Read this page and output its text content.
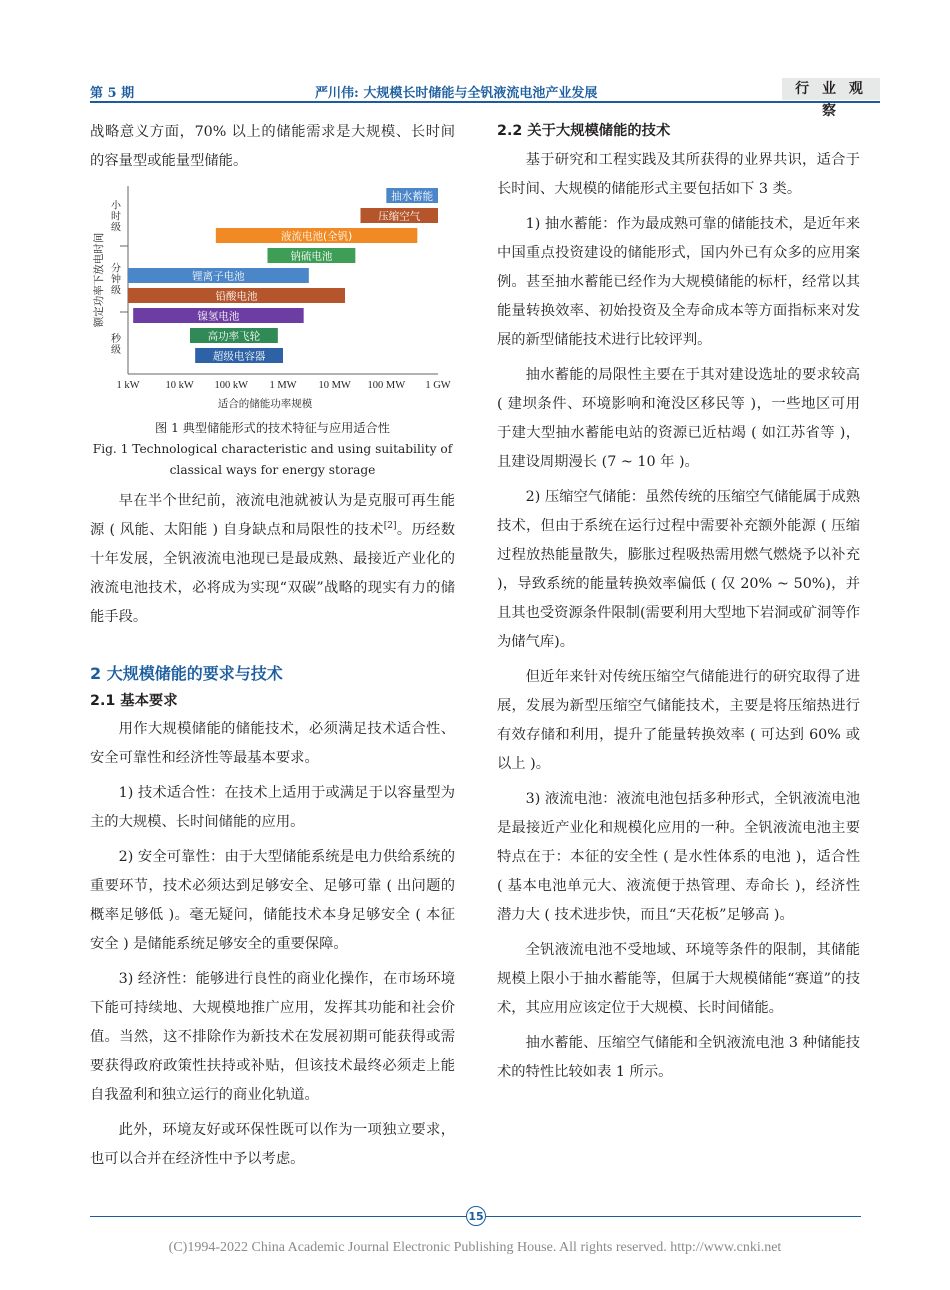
第 5 期	严川伟: 大规模长时储能与全钒液流电池产业发展	行 业 观 察

战略意义方面，70% 以上的储能需求是大规模、长时间的容量型或能量型储能。

1 kW 10 kW 100 kW 1 MW 10 MW 100 MW 1 GW
适合的储能功率规模
额定功率下放电时间
小时级
分钟级
秒级
抽水蓄能
压缩空气
液流电池(全钒)
钠硫电池
锂离子电池
铅酸电池
镍氢电池
高功率飞轮
超级电容器

图 1 典型储能形式的技术特征与应用适合性

Fig. 1 Technological characteristic and using suitability of

classical ways for energy storage

早在半个世纪前，液流电池就被认为是克服可再生能源 ( 风能、太阳能 ) 自身缺点和局限性的技术[2]。历经数十年发展，全钒液流电池现已是最成熟、最接近产业化的液流电池技术，必将成为实现“双碳”战略的现实有力的储能手段。

2 大规模储能的要求与技术
2.1 基本要求

用作大规模储能的储能技术，必须满足技术适合性、安全可靠性和经济性等最基本要求。

1) 技术适合性：在技术上适用于或满足于以容量型为主的大规模、长时间储能的应用。

2) 安全可靠性：由于大型储能系统是电力供给系统的重要环节，技术必须达到足够安全、足够可靠 ( 出问题的概率足够低 )。毫无疑问，储能技术本身足够安全 ( 本征安全 ) 是储能系统足够安全的重要保障。

3) 经济性：能够进行良性的商业化操作，在市场环境下能可持续地、大规模地推广应用，发挥其功能和社会价值。当然，这不排除作为新技术在发展初期可能获得或需要获得政府政策性扶持或补贴，但该技术最终必须走上能自我盈利和独立运行的商业化轨道。

此外，环境友好或环保性既可以作为一项独立要求，也可以合并在经济性中予以考虑。

2.2 关于大规模储能的技术

基于研究和工程实践及其所获得的业界共识，适合于长时间、大规模的储能形式主要包括如下 3 类。

1) 抽水蓄能：作为最成熟可靠的储能技术，是近年来中国重点投资建设的储能形式，国内外已有众多的应用案例。甚至抽水蓄能已经作为大规模储能的标杆，经常以其能量转换效率、初始投资及全寿命成本等方面指标来对发展的新型储能技术进行比较评判。

抽水蓄能的局限性主要在于其对建设选址的要求较高 ( 建坝条件、环境影响和淹没区移民等 )，一些地区可用于建大型抽水蓄能电站的资源已近枯竭 ( 如江苏省等 )，且建设周期漫长 (7 ~ 10 年 )。

2) 压缩空气储能：虽然传统的压缩空气储能属于成熟技术，但由于系统在运行过程中需要补充额外能源 ( 压缩过程放热能量散失，膨胀过程吸热需用燃气燃烧予以补充 )，导致系统的能量转换效率偏低 ( 仅 20% ~ 50%)，并且其也受资源条件限制(需要利用大型地下岩洞或矿洞等作为储气库)。

但近年来针对传统压缩空气储能进行的研究取得了进展，发展为新型压缩空气储能技术，主要是将压缩热进行有效存储和利用，提升了能量转换效率 ( 可达到 60% 或以上 )。

3) 液流电池：液流电池包括多种形式，全钒液流电池是最接近产业化和规模化应用的一种。全钒液流电池主要特点在于：本征的安全性 ( 是水性体系的电池 )，适合性 ( 基本电池单元大、液流便于热管理、寿命长 )，经济性潜力大 ( 技术进步快，而且“天花板”足够高 )。

全钒液流电池不受地域、环境等条件的限制，其储能规模上限小于抽水蓄能等，但属于大规模储能“赛道”的技术，其应用应该定位于大规模、长时间储能。

抽水蓄能、压缩空气储能和全钒液流电池 3 种储能技术的特性比较如表 1 所示。

15
(C)1994-2022 China Academic Journal Electronic Publishing House. All rights reserved. http://www.cnki.net
